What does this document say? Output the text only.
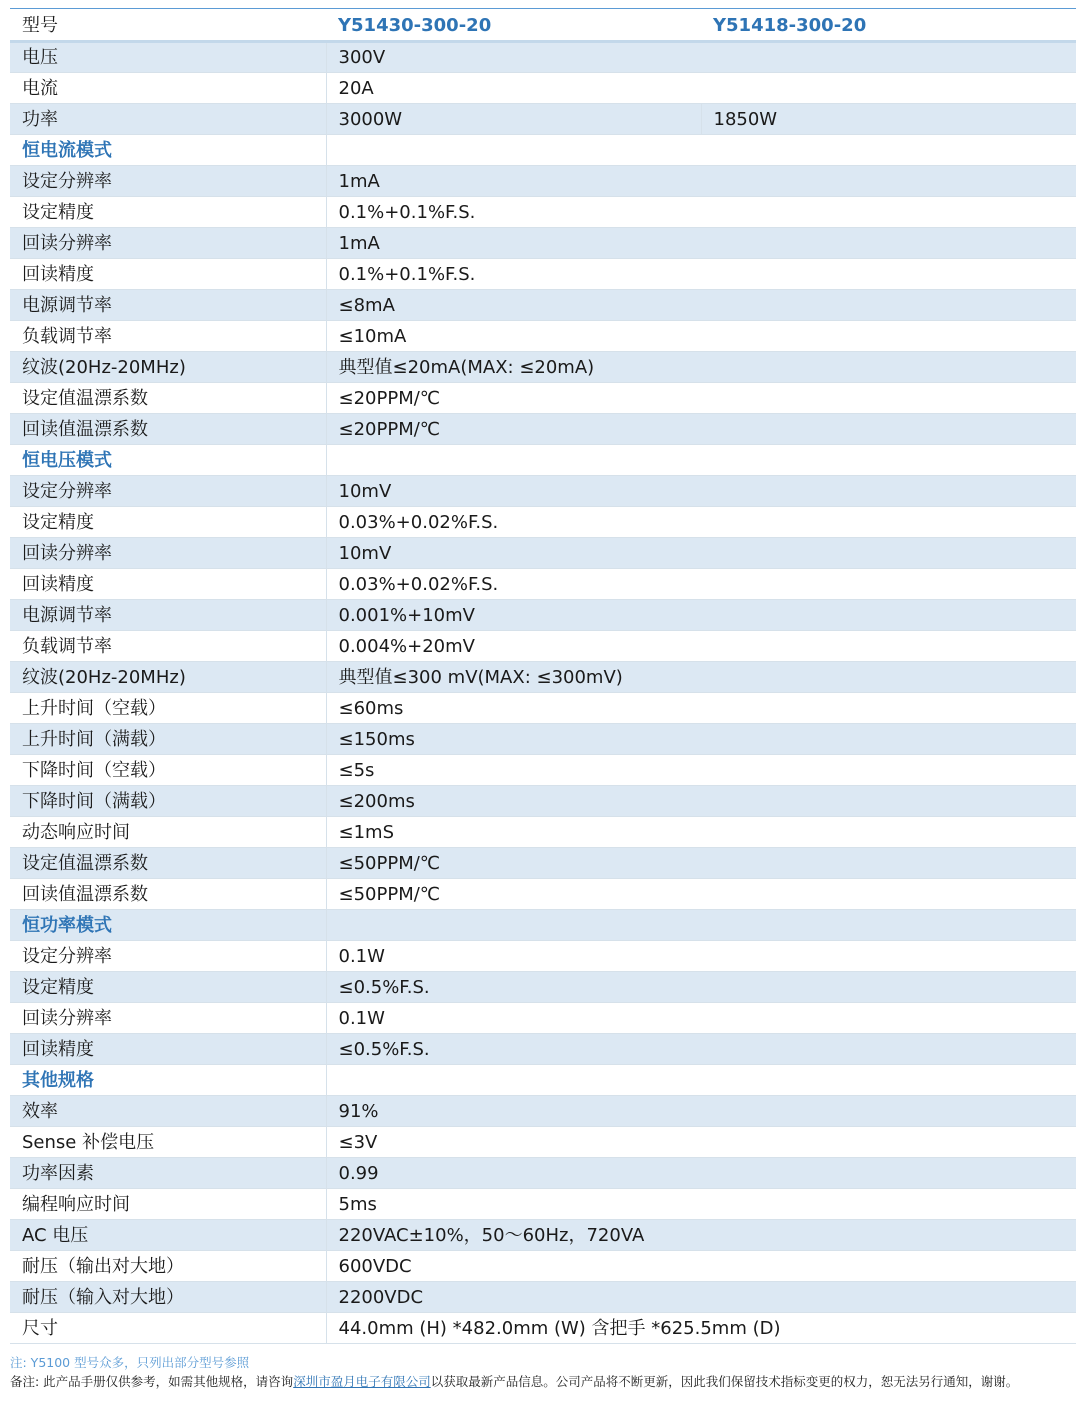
型号	Y51430-300-20	Y51418-300-20
电压	300V	
电流	20A	
功率	3000W	1850W
恒电流模式		
设定分辨率	1mA	
设定精度	0.1%+0.1%F.S.	
回读分辨率	1mA	
回读精度	0.1%+0.1%F.S.	
电源调节率	≤8mA	
负载调节率	≤10mA	
纹波(20Hz-20MHz)	典型值≤20mA(MAX: ≤20mA)	
设定值温漂系数	≤20PPM/℃	
回读值温漂系数	≤20PPM/℃	
恒电压模式		
设定分辨率	10mV	
设定精度	0.03%+0.02%F.S.	
回读分辨率	10mV	
回读精度	0.03%+0.02%F.S.	
电源调节率	0.001%+10mV	
负载调节率	0.004%+20mV	
纹波(20Hz-20MHz)	典型值≤300 mV(MAX: ≤300mV)	
上升时间（空载）	≤60ms	
上升时间（满载）	≤150ms	
下降时间（空载）	≤5s	
下降时间（满载）	≤200ms	
动态响应时间	≤1mS	
设定值温漂系数	≤50PPM/℃	
回读值温漂系数	≤50PPM/℃	
恒功率模式		
设定分辨率	0.1W	
设定精度	≤0.5%F.S.	
回读分辨率	0.1W	
回读精度	≤0.5%F.S.	
其他规格		
效率	91%	
Sense 补偿电压	≤3V	
功率因素	0.99	
编程响应时间	5ms	
AC 电压	220VAC±10%，50～60Hz，720VA	
耐压（输出对大地）	600VDC	
耐压（输入对大地）	2200VDC	
尺寸	44.0mm (H) *482.0mm (W) 含把手 *625.5mm (D)	
注: Y5100 型号众多，只列出部分型号参照
备注: 此产品手册仅供参考，如需其他规格，请咨询深圳市盈月电子有限公司以获取最新产品信息。公司产品将不断更新，因此我们保留技术指标变更的权力，恕无法另行通知，谢谢。
